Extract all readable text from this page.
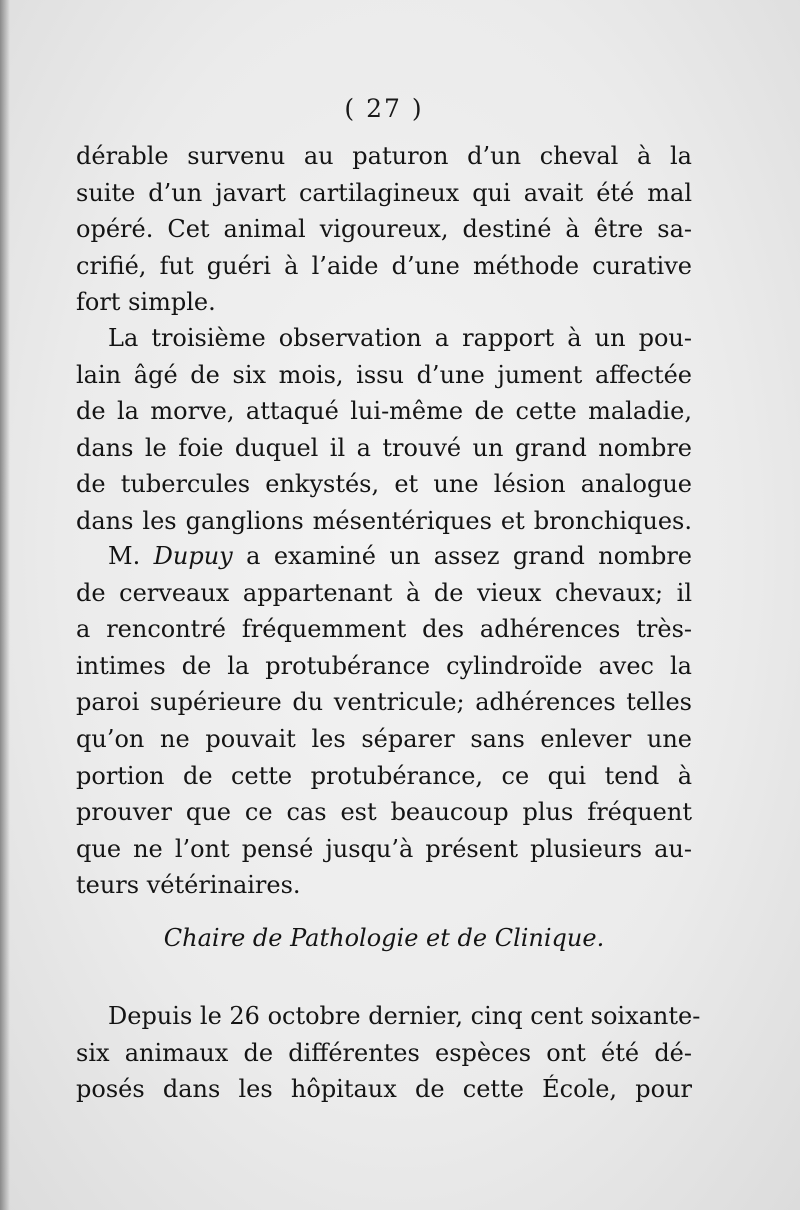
( 27 )
dérable survenu au paturon d’un cheval à la
suite d’un javart cartilagineux qui avait été mal
opéré. Cet animal vigoureux, destiné à être sa-
crifié, fut guéri à l’aide d’une méthode curative
fort simple.
La troisième observation a rapport à un pou-
lain âgé de six mois, issu d’une jument affectée
de la morve, attaqué lui-même de cette maladie,
dans le foie duquel il a trouvé un grand nombre
de tubercules enkystés, et une lésion analogue
dans les ganglions mésentériques et bronchiques.
M. Dupuy a examiné un assez grand nombre
de cerveaux appartenant à de vieux chevaux; il
a rencontré fréquemment des adhérences très-
intimes de la protubérance cylindroïde avec la
paroi supérieure du ventricule; adhérences telles
qu’on ne pouvait les séparer sans enlever une
portion de cette protubérance, ce qui tend à
prouver que ce cas est beaucoup plus fréquent
que ne l’ont pensé jusqu’à présent plusieurs au-
teurs vétérinaires.
Chaire de Pathologie et de Clinique.
Depuis le 26 octobre dernier, cinq cent soixante-
six animaux de différentes espèces ont été dé-
posés dans les hôpitaux de cette École, pour
